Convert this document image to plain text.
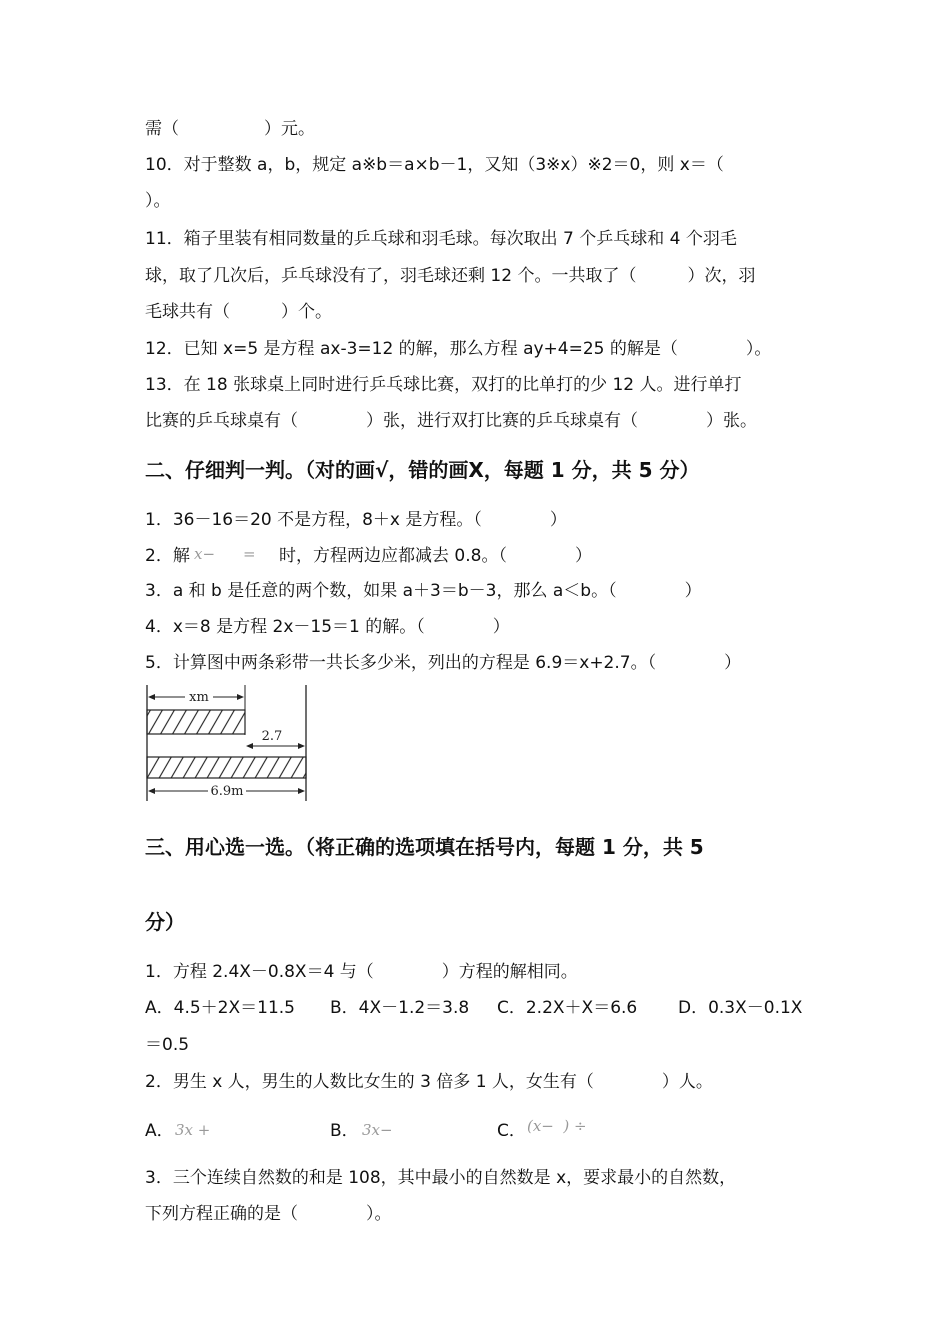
需（　　　　　）元。
10．对于整数 a，b，规定 a※b＝a×b－1，又知（3※x）※2＝0，则 x＝（
）。
11．箱子里装有相同数量的乒乓球和羽毛球。每次取出 7 个乒乓球和 4 个羽毛
球，取了几次后，乒乓球没有了，羽毛球还剩 12 个。一共取了（　　　）次，羽
毛球共有（　　　）个。
12．已知 x=5 是方程 ax-3=12 的解，那么方程 ay+4=25 的解是（　　　　）。
13．在 18 张球桌上同时进行乒乓球比赛，双打的比单打的少 12 人。进行单打
比赛的乒乓球桌有（　　　　）张，进行双打比赛的乒乓球桌有（　　　　）张。
二、仔细判一判。（对的画√，错的画X，每题 1 分，共 5 分）
1．36－16＝20 不是方程，8＋x 是方程。（　　　　）
2．解 x− = 时，方程两边应都减去 0.8。（　　　　）
3．a 和 b 是任意的两个数，如果 a＋3＝b－3，那么 a＜b。（　　　　）
4．x＝8 是方程 2x－15＝1 的解。（　　　　）
5．计算图中两条彩带一共长多少米，列出的方程是 6.9＝x+2.7。（　　　　）
xm
2.7
6.9m
三、用心选一选。（将正确的选项填在括号内，每题 1 分，共 5
分）
1．方程 2.4X－0.8X＝4 与（　　　　）方程的解相同。
A．4.5＋2X＝11.5 B．4X－1.2＝3.8 C．2.2X＋X＝6.6 D．0.3X－0.1X
＝0.5
2．男生 x 人，男生的人数比女生的 3 倍多 1 人，女生有（　　　　）人。
A． 3x +	B． 3x−	C． (x−  ) ÷
3．三个连续自然数的和是 108，其中最小的自然数是 x，要求最小的自然数，
下列方程正确的是（　　　　）。
